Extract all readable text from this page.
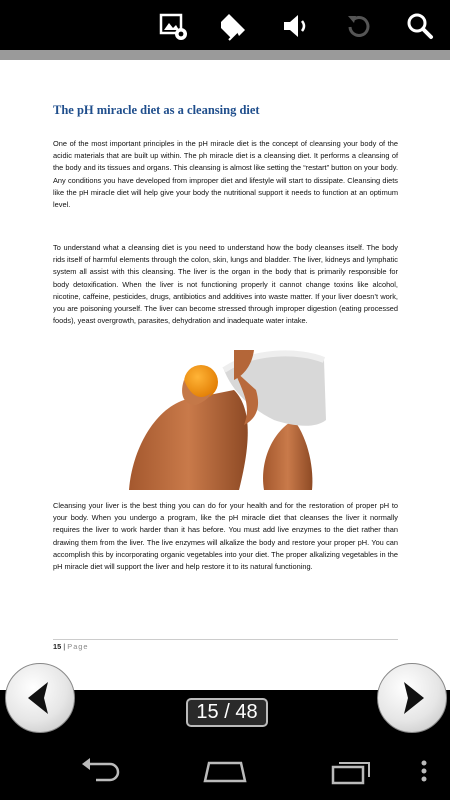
The pH miracle diet as a cleansing diet

One of the most important principles in the pH miracle diet is the concept of cleansing your body of the acidic materials that are built up within. The ph miracle diet is a cleansing diet. It performs a cleansing of the body and its tissues and organs. This cleansing is almost like setting the “restart” button on your body. Any conditions you have developed from improper diet and lifestyle will start to dissipate. Cleansing diets like the pH miracle diet will help give your body the nutritional support it needs to function at an optimum level.

To understand what a cleansing diet is you need to understand how the body cleanses itself. The body rids itself of harmful elements through the colon, skin, lungs and bladder. The liver, kidneys and lymphatic system all assist with this cleansing. The liver is the organ in the body that is primarily responsible for body detoxification. When the liver is not functioning properly it cannot change toxins like alcohol, nicotine, caffeine, pesticides, drugs, antibiotics and additives into waste matter. If your liver doesn’t work, you are poisoning yourself. The liver can become stressed through improper digestion (eating processed foods), yeast overgrowth, parasites, dehydration and inadequate water intake.

Cleansing your liver is the best thing you can do for your health and for the restoration of proper pH to your body. When you undergo a program, like the pH miracle diet that cleanses the liver it normally requires the liver to work harder than it has before. You must add live enzymes to the diet rather than drawing them from the liver. The live enzymes will alkalize the body and restore your proper pH. You can accomplish this by incorporating organic vegetables into your diet. The proper alkalizing vegetables in the pH miracle diet will support the liver and help restore it to its natural functioning.

15 | Page
15 / 48
